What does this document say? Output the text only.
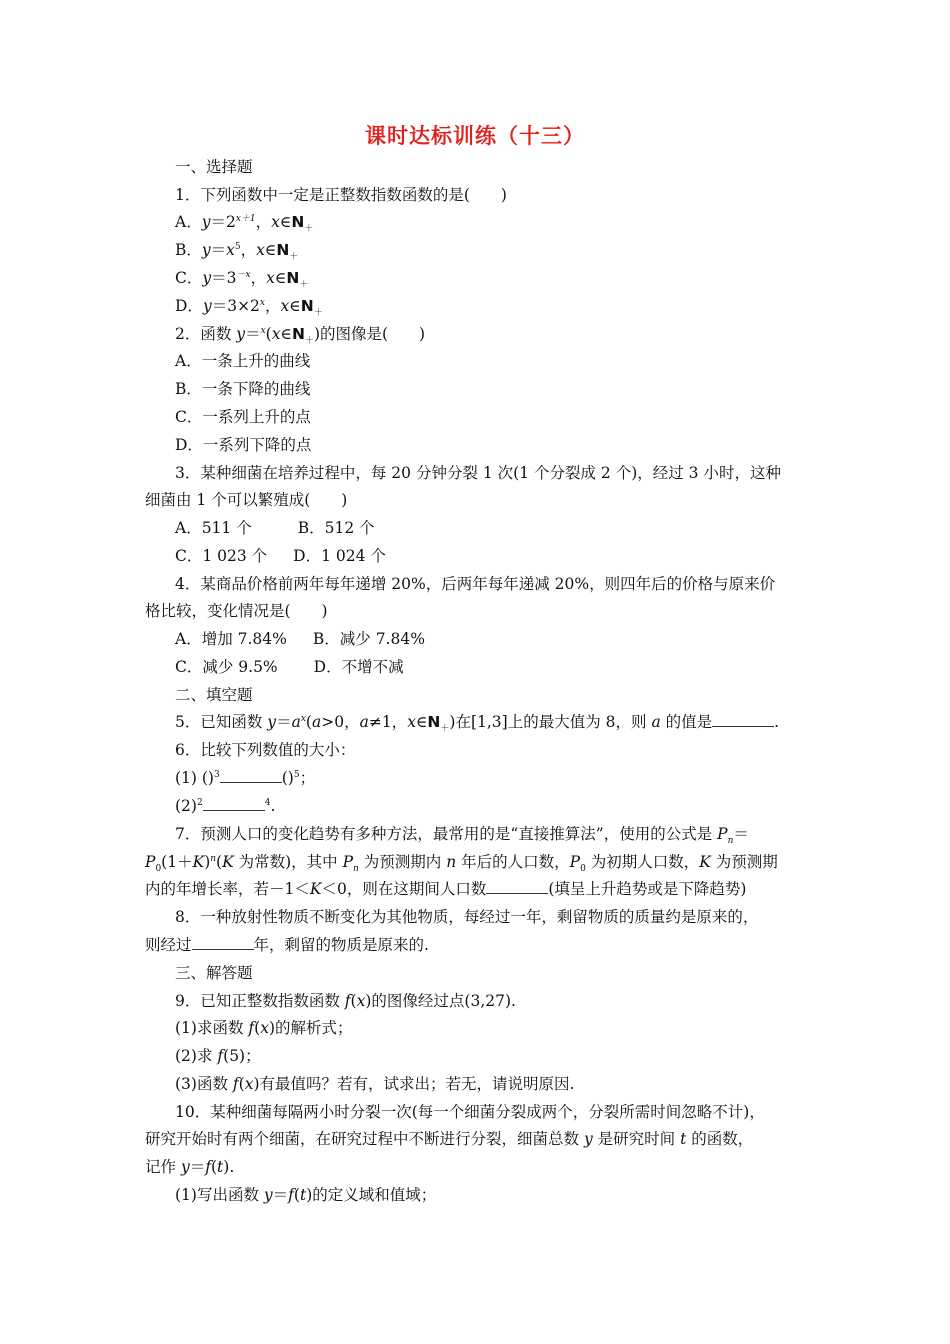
课时达标训练（十三）
一、选择题
1．下列函数中一定是正整数指数函数的是(　　)
A．$y=2^{x+1}$，$x\in N_+$
B．$y=x^5$，$x\in N_+$
C．$y=3^{-x}$，$x\in N_+$
D．$y=3\times 2^x$，$x\in N_+$
2．函数 $y=^x(x\in N_+)$的图像是(　　)
A．一条上升的曲线
B．一条下降的曲线
C．一系列上升的点
D．一系列下降的点
3．某种细菌在培养过程中，每 20 分钟分裂 1 次(1 个分裂成 2 个)，经过 3 小时，这种
细菌由 1 个可以繁殖成(　　)
A．511 个	B．512 个
C．1 023 个 D．1 024 个
4．某商品价格前两年每年递增 20%，后两年每年递减 20%，则四年后的价格与原来价
格比较，变化情况是(　　)
A．增加 7.84% B．减少 7.84%
C．减少 9.5% D．不增不减
二、填空题
5．已知函数 $y=a^x(a>0$，a≠1，$x\in N_+$)在[1,3]上的最大值为 8，则 a 的值是	.
6．比较下列数值的大小：
(1) ()$^3$	()$^5$；
$(2)^2$	$^4$.
7．预测人口的变化趋势有多种方法，最常用的是“直接推算法”，使用的公式是 $P_n=$
$P_0(1+K)^n(K$ 为常数)，其中 $P_n$ 为预测期内 n 年后的人口数，$P_0$ 为初期人口数，K 为预测期
内的年增长率，若－1＜K＜0，则在这期间人口数	(填呈上升趋势或是下降趋势)
8．一种放射性物质不断变化为其他物质，每经过一年，剩留物质的质量约是原来的，
则经过	年，剩留的物质是原来的.
三、解答题
9．已知正整数指数函数 f(x)的图像经过点(3,27).
(1)求函数 f(x)的解析式；
(2)求 f(5)；
(3)函数 f(x)有最值吗？若有，试求出；若无，请说明原因.
10．某种细菌每隔两小时分裂一次(每一个细菌分裂成两个，分裂所需时间忽略不计)，
研究开始时有两个细菌，在研究过程中不断进行分裂，细菌总数 y 是研究时间 t 的函数，
记作 y＝f(t).
(1)写出函数 y＝f(t)的定义域和值域；
